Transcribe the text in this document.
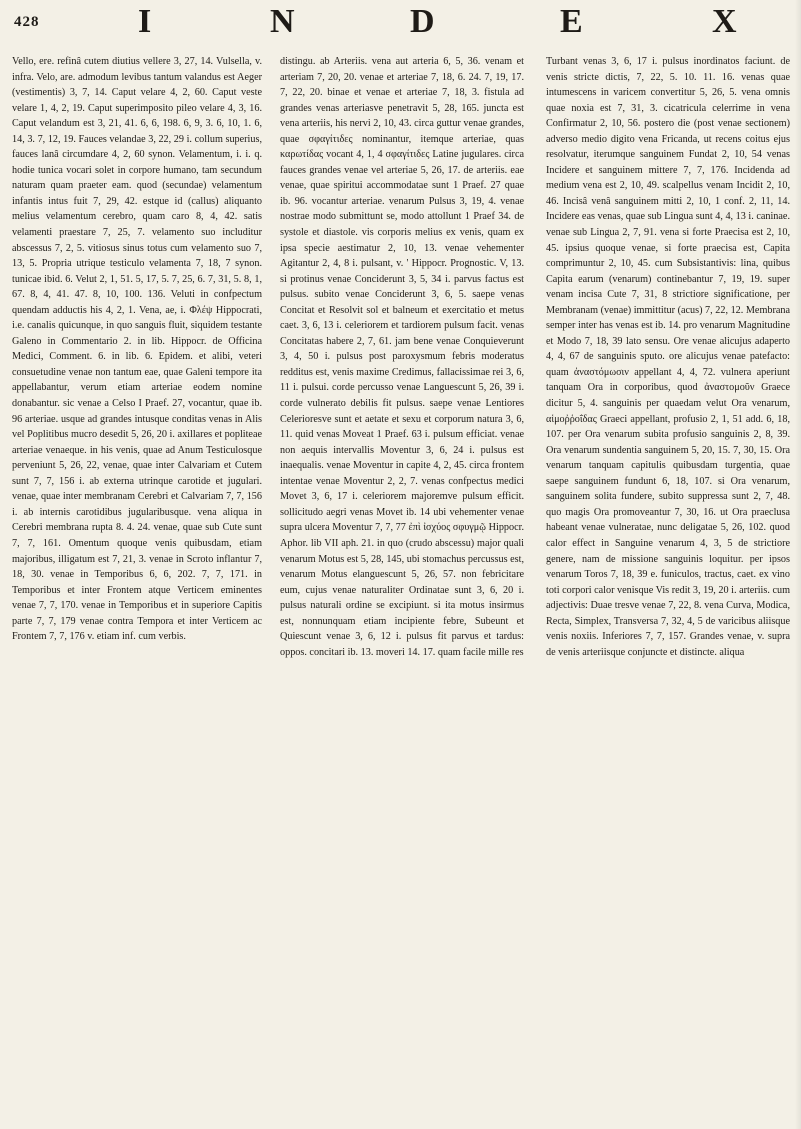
428	I	N	D	E	X

Vello, ere. refinâ cutem diutius vellere 3, 27, 14. Vulsella, v. infra. Velo, are. admodum levibus tantum valandus est Aeger (vestimentis) 3, 7, 14. Caput velare 4, 2, 60. Caput veste velare 1, 4, 2, 19. Caput superimposito pileo velare 4, 3, 16. Caput velandum est 3, 21, 41. 6, 6, 198. 6, 9, 3. 6, 10, 1. 6, 14, 3. 7, 12, 19. Fauces velandae 3, 22, 29 i. collum superius, fauces lanâ circumdare 4, 2, 60 synon. Velamentum, i. i. q. hodie tunica vocari solet in corpore humano, tam secundum naturam quam praeter eam. quod (secundae) velamentum infantis intus fuit 7, 29, 42. estque id (callus) aliquanto melius velamentum cerebro, quam caro 8, 4, 42. satis velamenti praestare 7, 25, 7. velamento suo includitur abscessus 7, 2, 5. vitiosus sinus totus cum velamento suo 7, 13, 5. Propria utrique testiculo velamenta 7, 18, 7 synon. tunicae ibid. 6. Velut 2, 1, 51. 5, 17, 5. 7, 25, 6. 7, 31, 5. 8, 1, 67. 8, 4, 41. 47. 8, 10, 100. 136. Veluti in confpectum quendam adductis his 4, 2, 1. Vena, ae, i. Φλέψ Hippocrati, i.e. canalis quicunque, in quo sanguis fluit, siquidem testante Galeno in Commentario 2. in lib. Hippocr. de Officina Medici, Comment. 6. in lib. 6. Epidem. et alibi, veteri consuetudine venae non tantum eae, quae Galeni tempore ita appellabantur, verum etiam arteriae eodem nomine donabantur. sic venae a Celso I Praef. 27, vocantur, quae ib. 96 arteriae. usque ad grandes intusque conditas venas in Alis vel Poplitibus mucro desedit 5, 26, 20 i. axillares et popliteae arteriae venaeque. in his venis, quae ad Anum Testiculosque perveniunt 5, 26, 22, venae, quae inter Calvariam et Cutem sunt 7, 7, 156 i. ab externa utrinque carotide et jugulari. venae, quae inter membranam Cerebri et Calvariam 7, 7, 156 i. ab internis carotidibus jugularibusque. vena aliqua in Cerebri membrana rupta 8. 4. 24. venae, quae sub Cute sunt 7, 7, 161. Omentum quoque venis quibusdam, etiam majoribus, illigatum est 7, 21, 3. venae in Scroto inflantur 7, 18, 30. venae in Temporibus 6, 6, 202. 7, 7, 171. in Temporibus et inter Frontem atque Verticem eminentes venae 7, 7, 170. venae in Temporibus et in superiore Capitis parte 7, 7, 179 venae contra Tempora et inter Verticem ac Frontem 7, 7, 176 v. etiam inf. cum verbis.

distingu. ab Arteriis. vena aut arteria 6, 5, 36. venam et arteriam 7, 20, 20. venae et arteriae 7, 18, 6. 24. 7, 19, 17. 7, 22, 20. binae et venae et arteriae 7, 18, 3. fistula ad grandes venas arteriasve penetravit 5, 28, 165. juncta est vena arteriis, his nervi 2, 10, 43. circa guttur venae grandes, quae σφαγίτιδες nominantur, itemque arteriae, quas καρωτίδας vocant 4, 1, 4 σφαγίτιδες Latine jugulares. circa fauces grandes venae vel arteriae 5, 26, 17. de arteriis. eae venae, quae spiritui accommodatae sunt 1 Praef. 27 quae ib. 96. vocantur arteriae. venarum Pulsus 3, 19, 4. venae nostrae modo submittunt se, modo attollunt 1 Praef 34. de systole et diastole. vis corporis melius ex venis, quam ex ipsa specie aestimatur 2, 10, 13. venae vehementer Agitantur 2, 4, 8 i. pulsant, v. ' Hippocr. Prognostic. V, 13. si protinus venae Conciderunt 3, 5, 34 i. parvus factus est pulsus. subito venae Conciderunt 3, 6, 5. saepe venas Concitat et Resolvit sol et balneum et exercitatio et metus caet. 3, 6, 13 i. celeriorem et tardiorem pulsum facit. venas Concitatas habere 2, 7, 61. jam bene venae Conquieverunt 3, 4, 50 i. pulsus post paroxysmum febris moderatus redditus est, venis maxime Credimus, fallacissimae rei 3, 6, 11 i. pulsui. corde percusso venae Languescunt 5, 26, 39 i. corde vulnerato debilis fit pulsus. saepe venae Lentiores Celerioresve sunt et aetate et sexu et corporum natura 3, 6, 11. quid venas Moveat 1 Praef. 63 i. pulsum efficiat. venae non aequis intervallis Moventur 3, 6, 24 i. pulsus est inaequalis. venae Moventur in capite 4, 2, 45. circa frontem intentae venae Moventur 2, 2, 7. venas confpectus medici Movet 3, 6, 17 i. celeriorem majoremve pulsum efficit. sollicitudo aegri venas Movet ib. 14 ubi vehementer venae supra ulcera Moventur 7, 7, 77 ἐπὶ ἰσχύος σφυγμῷ Hippocr. Aphor. lib VII aph. 21. in quo (crudo abscessu) major quali venarum Motus est 5, 28, 145, ubi stomachus percussus est, venarum Motus elanguescunt 5, 26, 57. non febricitare eum, cujus venae naturaliter Ordinatae sunt 3, 6, 20 i. pulsus naturali ordine se excipiunt. si ita motus insirmus est, nonnunquam etiam incipiente febre, Subeunt et Quiescunt venae 3, 6, 12 i. pulsus fit parvus et tardus: oppos. concitari ib. 13. moveri 14. 17. quam facile mille res

Turbant venas 3, 6, 17 i. pulsus inordinatos faciunt. de venis stricte dictis, 7, 22, 5. 10. 11. 16. venas quae intumescens in varicem convertitur 5, 26, 5. vena omnis quae noxia est 7, 31, 3. cicatricula celerrime in vena Confirmatur 2, 10, 56. postero die (post venae sectionem) adverso medio digito vena Fricanda, ut recens coitus ejus resolvatur, iterumque sanguinem Fundat 2, 10, 54 venas Incidere et sanguinem mittere 7, 7, 176. Incidenda ad medium vena est 2, 10, 49. scalpellus venam Incidit 2, 10, 46. Incisâ venâ sanguinem mitti 2, 10, 1 conf. 2, 11, 14. Incidere eas venas, quae sub Lingua sunt 4, 4, 13 i. caninae. venae sub Lingua 2, 7, 91. vena si forte Praecisa est 2, 10, 45. ipsius quoque venae, si forte praecisa est, Capita comprimuntur 2, 10, 45. cum Subsistantivis: lina, quibus Capita earum (venarum) continebantur 7, 19, 19. super venam incisa Cute 7, 31, 8 strictiore significatione, per Membranam (venae) immittitur (acus) 7, 22, 12. Membrana semper inter has venas est ib. 14. pro venarum Magnitudine et Modo 7, 18, 39 lato sensu. Ore venae alicujus adaperto 4, 4, 67 de sanguinis sputo. ore alicujus venae patefacto: quam ἀναστόμωσιν appellant 4, 4, 72. vulnera aperiunt tanquam Ora in corporibus, quod ἀναστομοῦν Graece dicitur 5, 4. sanguinis per quaedam velut Ora venarum, αἱμοῤῥοΐδας Graeci appellant, profusio 2, 1, 51 add. 6, 18, 107. per Ora venarum subita profusio sanguinis 2, 8, 39. Ora venarum sundentia sanguinem 5, 20, 15. 7, 30, 15. Ora venarum tanquam capitulis quibusdam turgentia, quae saepe sanguinem fundunt 6, 18, 107. si Ora venarum, sanguinem solita fundere, subito suppressa sunt 2, 7, 48. quo magis Ora promoveantur 7, 30, 16. ut Ora praeclusa habeant venae vulneratae, nunc deligatae 5, 26, 102. quod calor effect in Sanguine venarum 4, 3, 5 de strictiore genere, nam de missione sanguinis loquitur. per ipsos venarum Toros 7, 18, 39 e. funiculos, tractus, caet. ex vino toti corpori calor venisque Vis redit 3, 19, 20 i. arteriis. cum adjectivis: Duae tresve venae 7, 22, 8. vena Curva, Modica, Recta, Simplex, Transversa 7, 32, 4, 5 de varicibus aliisque venis noxiis. Inferiores 7, 7, 157. Grandes venae, v. supra de venis arteriisque conjuncte et distincte. aliqua
